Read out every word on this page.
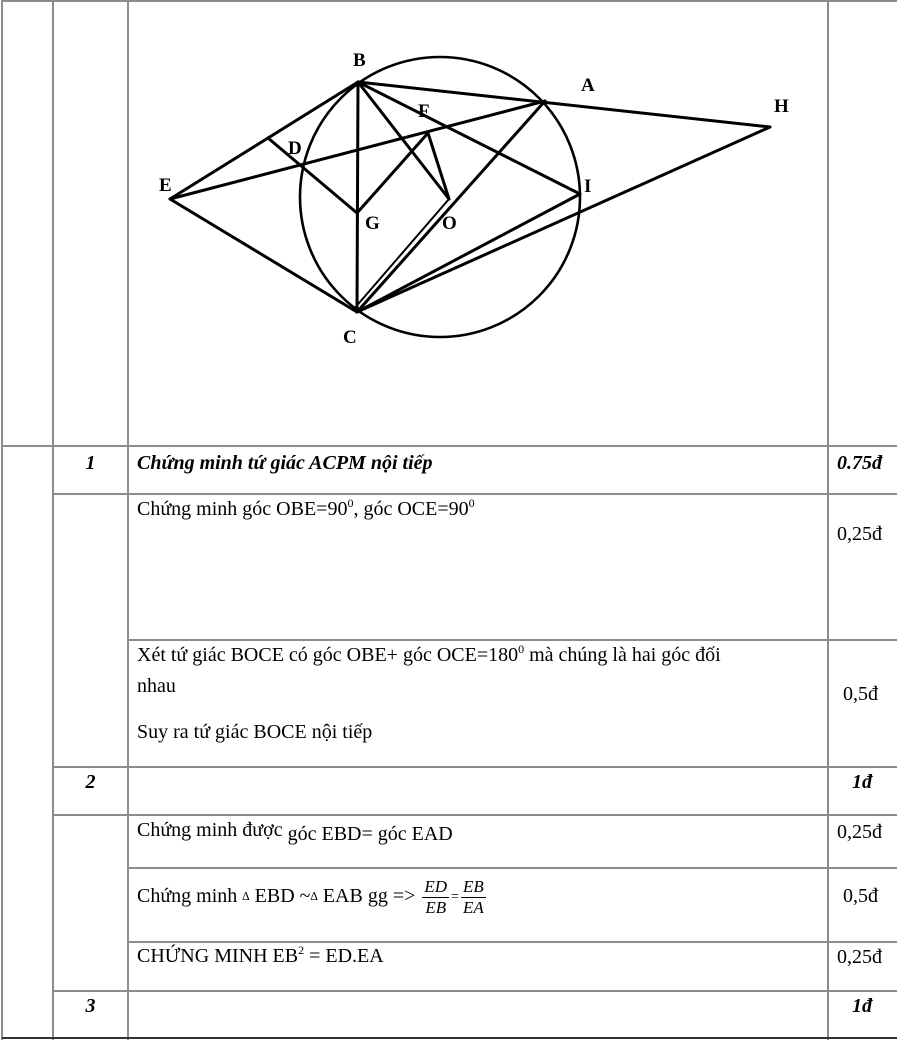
B
A
H
F
D
E	I
G	O
C
1	Chứng minh tứ giác ACPM nội tiếp	0.75đ
Chứng minh góc $OBE=90^0$, góc $OCE=90^0$
0,25đ
Xét tứ giác BOCE có góc OBE+ góc $OCE=180^0$ mà chúng là hai góc đối
nhau
Suy ra tứ giác BOCE nội tiếp
0,5đ
2	1đ
Chứng minh được góc EBD= góc EAD	0,25đ
Chứng minh ∆ EBD ~∆ EAB gg => $\frac{ED}{EB} = \frac{EB}{EA}$	0,5đ
CHỨNG MINH $EB^2 = ED.EA$	0,25đ
3	1đ
